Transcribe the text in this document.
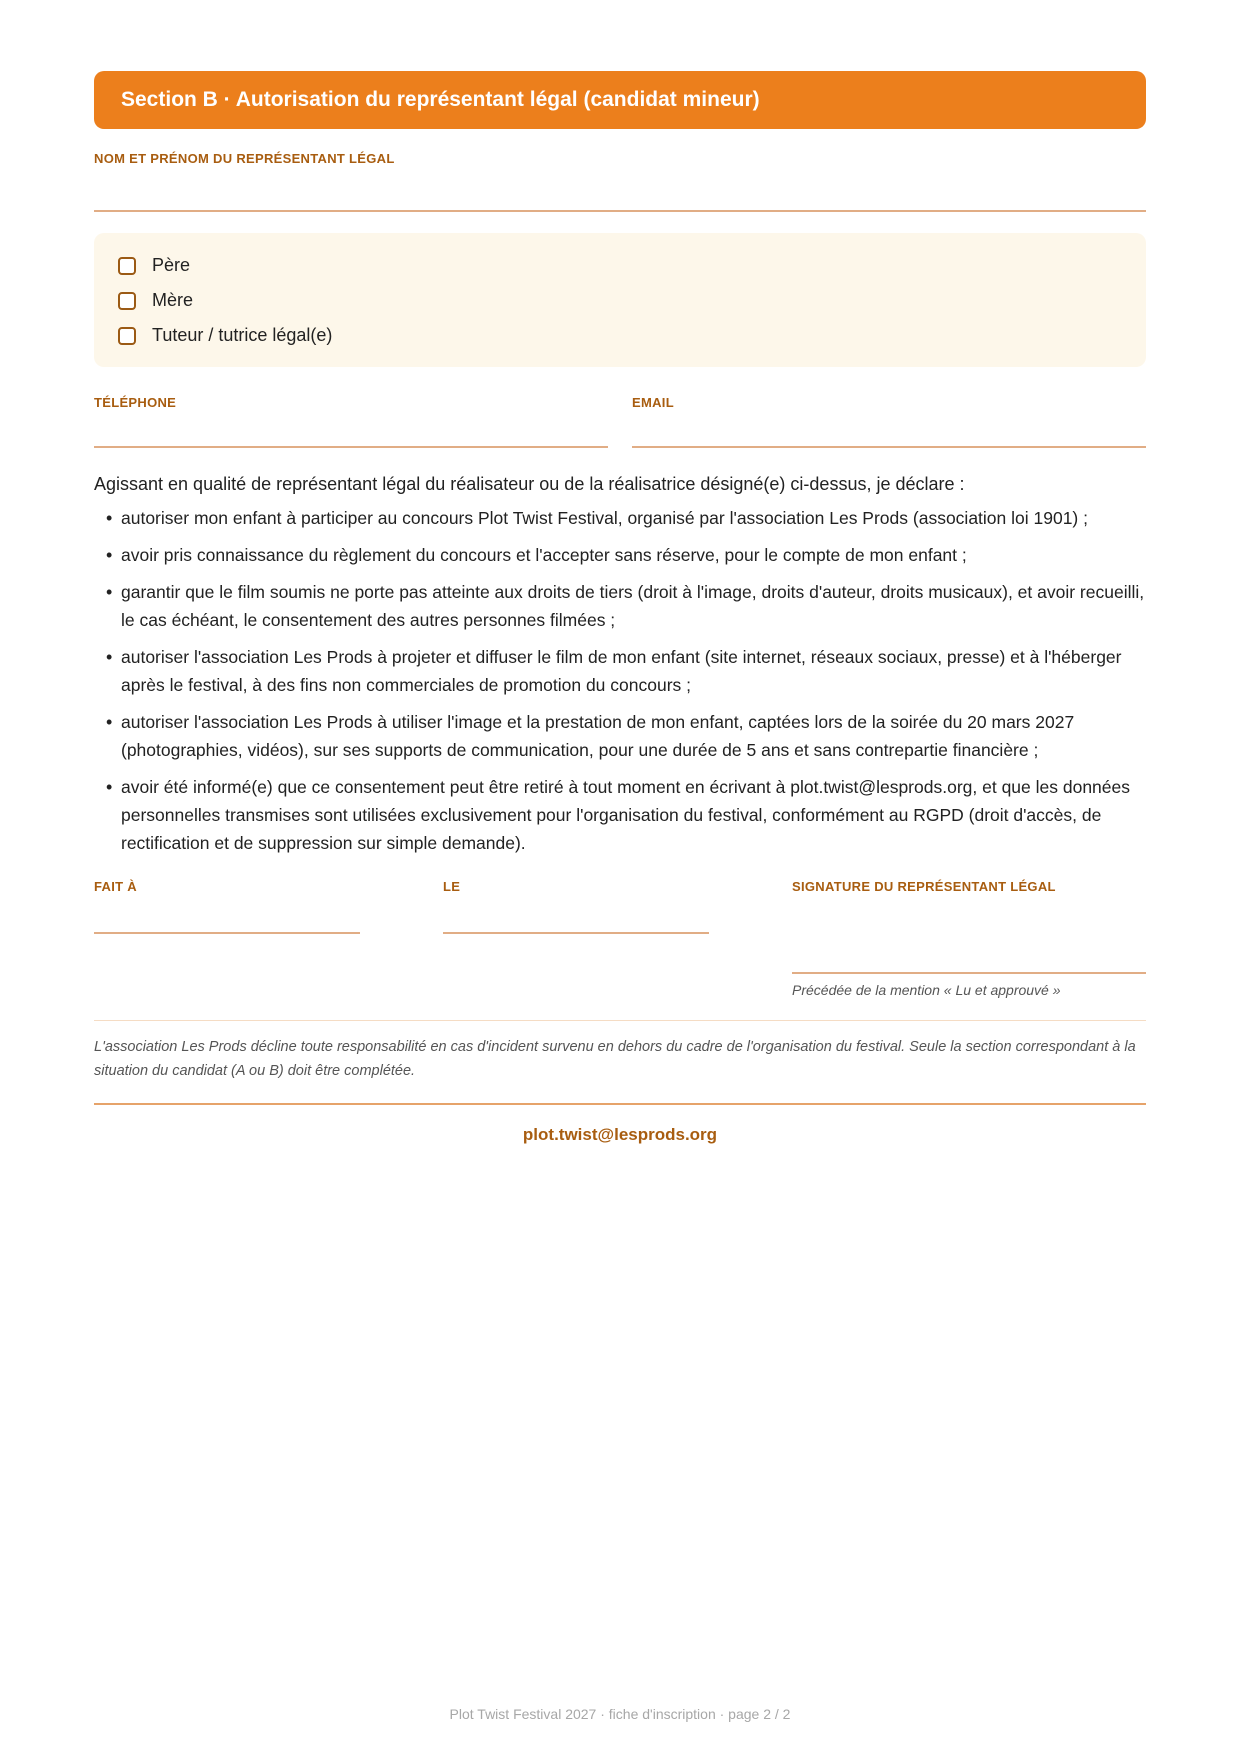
Section B · Autorisation du représentant légal (candidat mineur)
NOM ET PRÉNOM DU REPRÉSENTANT LÉGAL
Père
Mère
Tuteur / tutrice légal(e)
TÉLÉPHONE	EMAIL
Agissant en qualité de représentant légal du réalisateur ou de la réalisatrice désigné(e) ci-dessus, je déclare :
• autoriser mon enfant à participer au concours Plot Twist Festival, organisé par l'association Les Prods (association loi 1901) ;
• avoir pris connaissance du règlement du concours et l'accepter sans réserve, pour le compte de mon enfant ;
• garantir que le film soumis ne porte pas atteinte aux droits de tiers (droit à l'image, droits d'auteur, droits musicaux), et avoir recueilli, le cas échéant, le consentement des autres personnes filmées ;
• autoriser l'association Les Prods à projeter et diffuser le film de mon enfant (site internet, réseaux sociaux, presse) et à l'héberger après le festival, à des fins non commerciales de promotion du concours ;
• autoriser l'association Les Prods à utiliser l'image et la prestation de mon enfant, captées lors de la soirée du 20 mars 2027 (photographies, vidéos), sur ses supports de communication, pour une durée de 5 ans et sans contrepartie financière ;
• avoir été informé(e) que ce consentement peut être retiré à tout moment en écrivant à plot.twist@lesprods.org, et que les données personnelles transmises sont utilisées exclusivement pour l'organisation du festival, conformément au RGPD (droit d'accès, de rectification et de suppression sur simple demande).
FAIT À	LE	SIGNATURE DU REPRÉSENTANT LÉGAL
Précédée de la mention « Lu et approuvé »
L'association Les Prods décline toute responsabilité en cas d'incident survenu en dehors du cadre de l'organisation du festival. Seule la section correspondant à la situation du candidat (A ou B) doit être complétée.
plot.twist@lesprods.org
Plot Twist Festival 2027 · fiche d'inscription · page 2 / 2
